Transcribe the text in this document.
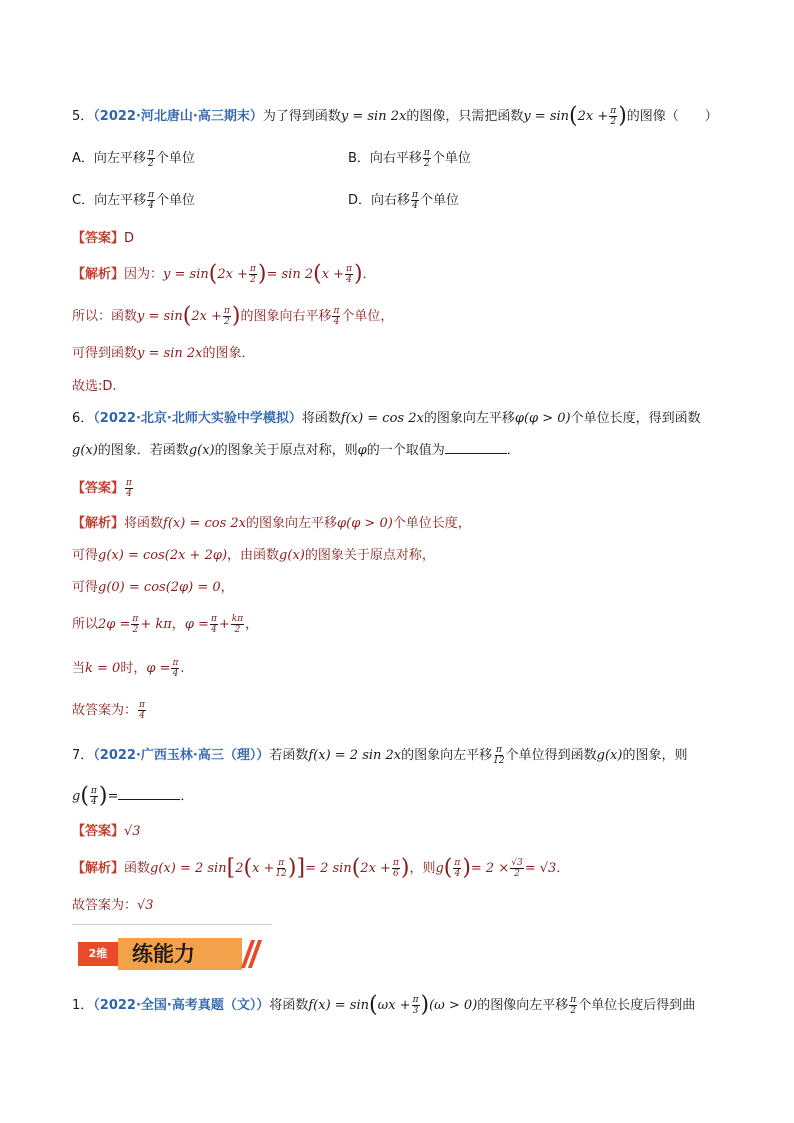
5．（2022·河北唐山·高三期末）为了得到函数y = sin 2x的图像，只需把函数$y = \sin(2x + \frac{\pi}{2}$ )的图像（　　）
A．向左平移 $\frac{\pi}{2}$ 个单位	B．向右平移 $\frac{\pi}{2}$ 个单位
C．向左平移 $\frac{\pi}{4}$ 个单位	D．向右移 $\frac{\pi}{4}$ 个单位
【答案】D
【解析】因为：$y = \sin(2x + \frac{\pi}{2}$ )= $\sin 2(x + \frac{\pi}{4}$ )．
所以：函数$y = \sin(2x + \frac{\pi}{2}$ )的图象向右平移 $\frac{\pi}{4}$ 个单位，
可得到函数y = sin 2x的图象．
故选:D.
6．（2022·北京·北师大实验中学模拟）将函数f(x) = cos 2x的图象向左平移φ(φ > 0)个单位长度，得到函数
g(x)的图象．若函数g(x)的图象关于原点对称，则φ的一个取值为	．
【答案】 $\frac{\pi}{4}$
【解析】将函数f(x) = cos 2x的图象向左平移φ(φ > 0)个单位长度，
可得g(x) = cos(2x + 2φ)，由函数g(x)的图象关于原点对称，
可得g(0) = cos(2φ) = 0，
所以$2\varphi = \frac{\pi}{2} + k\pi$，$\varphi = \frac{\pi}{4} + \frac{k\pi}{2}$ ，
当k = 0时，$\varphi = \frac{\pi}{4}$ .
故答案为： $\frac{\pi}{4}$
7．（2022·广西玉林·高三（理））若函数f(x) = 2 sin 2x的图象向左平移 $\frac{\pi}{12}$ 个单位得到函数g(x)的图象，则
$g( \frac{\pi}{4}$ )=	．
【答案】√3
【解析】函数g(x) = 2 $\sin[2(x + \frac{\pi}{12}$ )]= 2 $\sin(2x + \frac{\pi}{6}$ )，则$g( \frac{\pi}{4}$ )= $2 \times \frac{√3}{2} = √3$．
故答案为：√3
2维	练能力
1．（2022·全国·高考真题（文））将函数$f(x) = \sin(\omega x + \frac{\pi}{3} )(\omega > 0)$的图像向左平移 $\frac{\pi}{2}$ 个单位长度后得到曲
